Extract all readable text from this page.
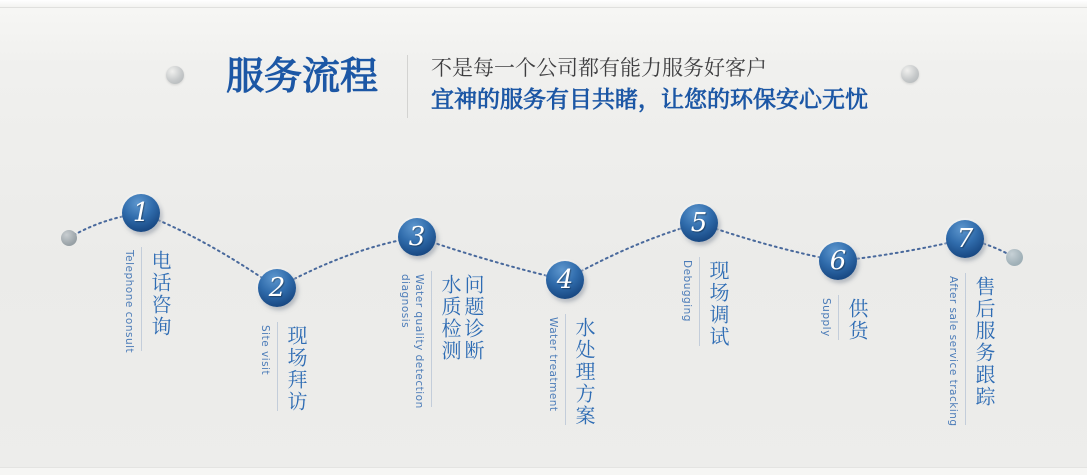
服务流程	不是每一个公司都有能力服务好客户
宜神的服务有目共睹，让您的环保安心无忧
1
Telephone consult 电话咨询	2
Site visit 现场拜访
3
Water quality detection
diagnosis 水质检测 问题诊断	4
Water treatment 水处理方案
5
Debugging 现场调试	6
Supply 供货
7
After sale service tracking 售后服务跟踪
